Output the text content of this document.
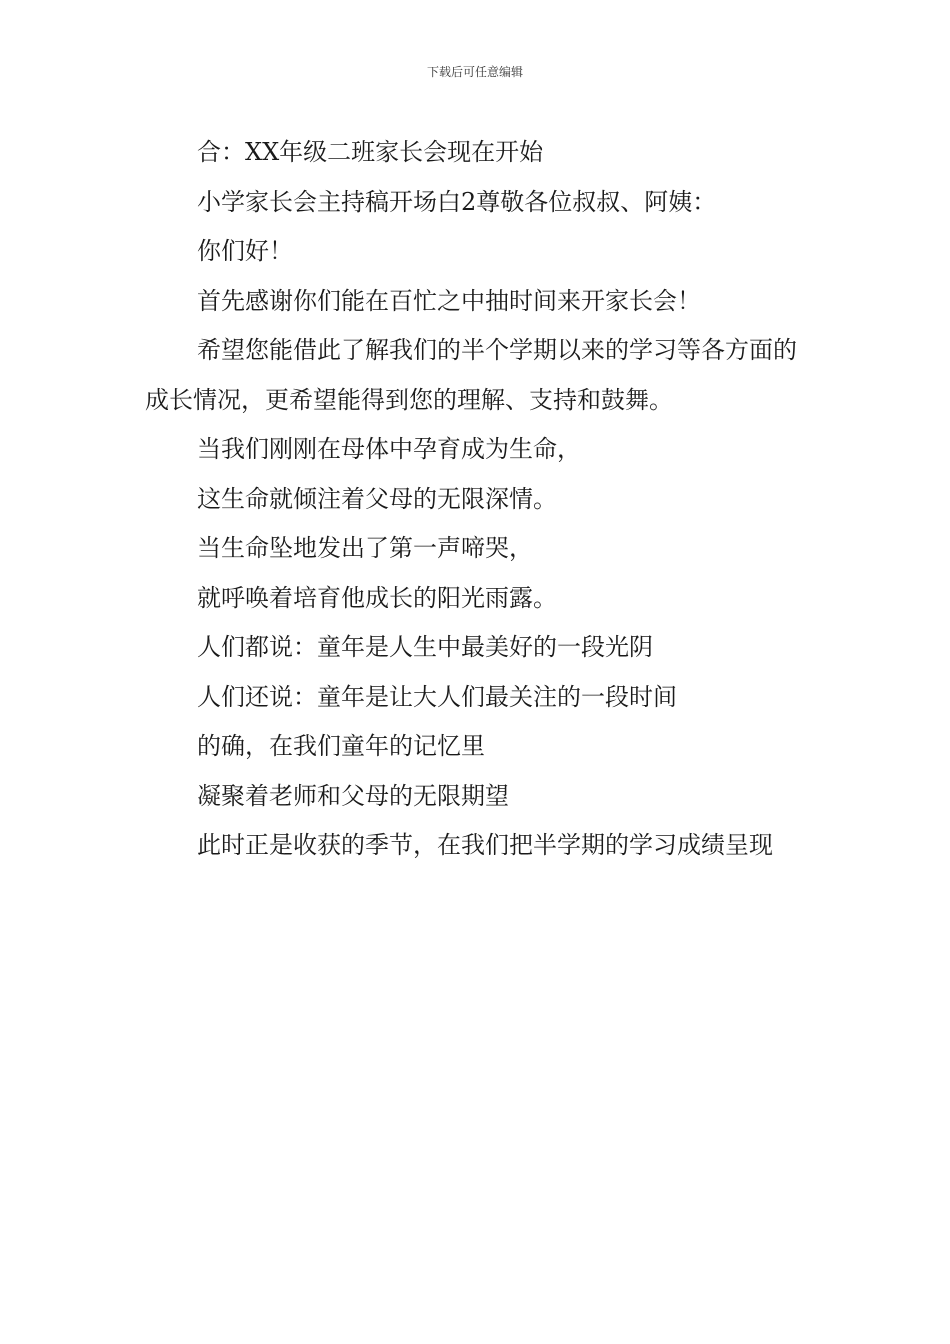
下载后可任意编辑

合：XX年级二班家长会现在开始

小学家长会主持稿开场白2尊敬各位叔叔、阿姨：

你们好！

首先感谢你们能在百忙之中抽时间来开家长会！

希望您能借此了解我们的半个学期以来的学习等各方面的成长情况，更希望能得到您的理解、支持和鼓舞。

当我们刚刚在母体中孕育成为生命，

这生命就倾注着父母的无限深情。

当生命坠地发出了第一声啼哭，

就呼唤着培育他成长的阳光雨露。

人们都说：童年是人生中最美好的一段光阴

人们还说：童年是让大人们最关注的一段时间

的确，在我们童年的记忆里

凝聚着老师和父母的无限期望

此时正是收获的季节，在我们把半学期的学习成绩呈现
